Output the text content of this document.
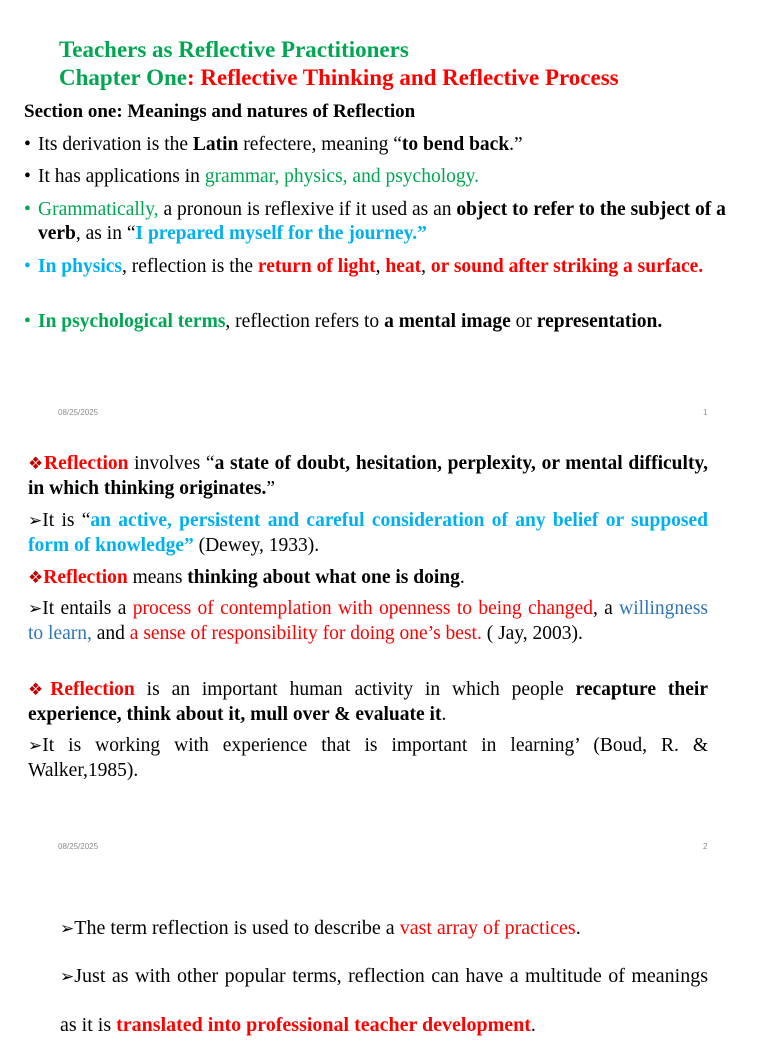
Teachers as Reflective Practitioners
Chapter One: Reflective Thinking and Reflective Process
Section one: Meanings and natures of Reflection
• Its derivation is the Latin refectere, meaning “to bend back.”
• It has applications in grammar, physics, and psychology.
• Grammatically, a pronoun is reflexive if it used as an object to refer to the subject of a verb, as in “I prepared myself for the journey.”
• In physics, reflection is the return of light, heat, or sound after striking a surface.
• In psychological terms, reflection refers to a mental image or representation.
08/25/2025	1
❖Reflection involves “a state of doubt, hesitation, perplexity, or mental difficulty, in which thinking originates.”
➢It is “an active, persistent and careful consideration of any belief or supposed form of knowledge” (Dewey, 1933).
❖Reflection means thinking about what one is doing.
➢It entails a process of contemplation with openness to being changed, a willingness to learn, and a sense of responsibility for doing one’s best. ( Jay, 2003).
❖Reflection is an important human activity in which people recapture their experience, think about it, mull over & evaluate it.
➢It is working with experience that is important in learning’ (Boud, R. & Walker,1985).
08/25/2025	2
➢The term reflection is used to describe a vast array of practices.
➢Just as with other popular terms, reflection can have a multitude of meanings as it is translated into professional teacher development.
